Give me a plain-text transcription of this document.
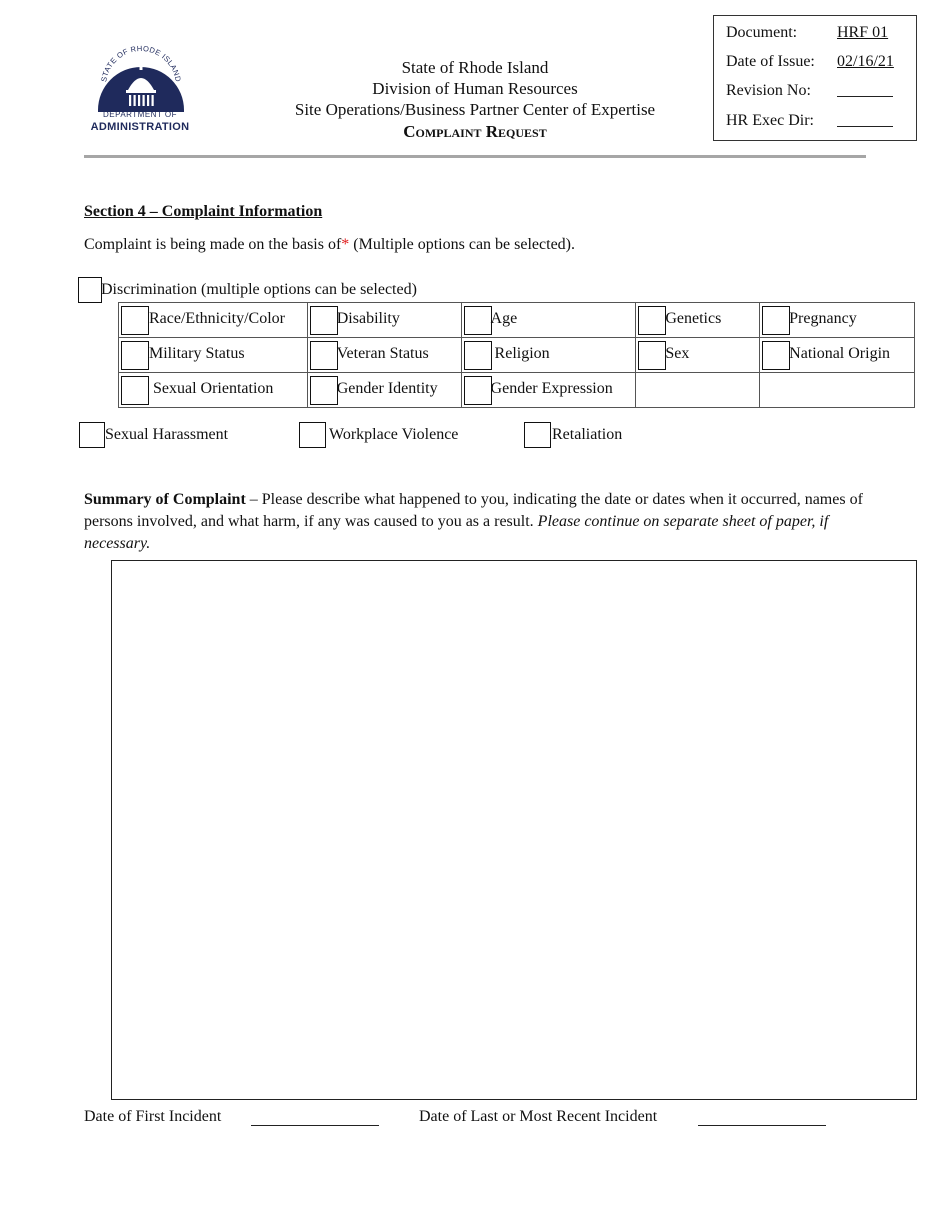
STATE OF RHODE ISLAND
DEPARTMENT OF
ADMINISTRATION
State of Rhode Island
Division of Human Resources
Site Operations/Business Partner Center of Expertise
Complaint Request
Document: HRF 01
Date of Issue: 02/16/21
Revision No:
HR Exec Dir:
Section 4 – Complaint Information
Complaint is being made on the basis of* (Multiple options can be selected).
Discrimination (multiple options can be selected)
Race/Ethnicity/Color	Disability	Age	Genetics	Pregnancy

Military Status	Veteran Status	Religion	Sex	National Origin

Sexual Orientation	Gender Identity	Gender Expression		

Sexual Harassment	Workplace Violence	Retaliation
Summary of Complaint – Please describe what happened to you, indicating the date or dates when it occurred, names of persons involved, and what harm, if any was caused to you as a result. Please continue on separate sheet of paper, if necessary.
Date of First Incident	Date of Last or Most Recent Incident
